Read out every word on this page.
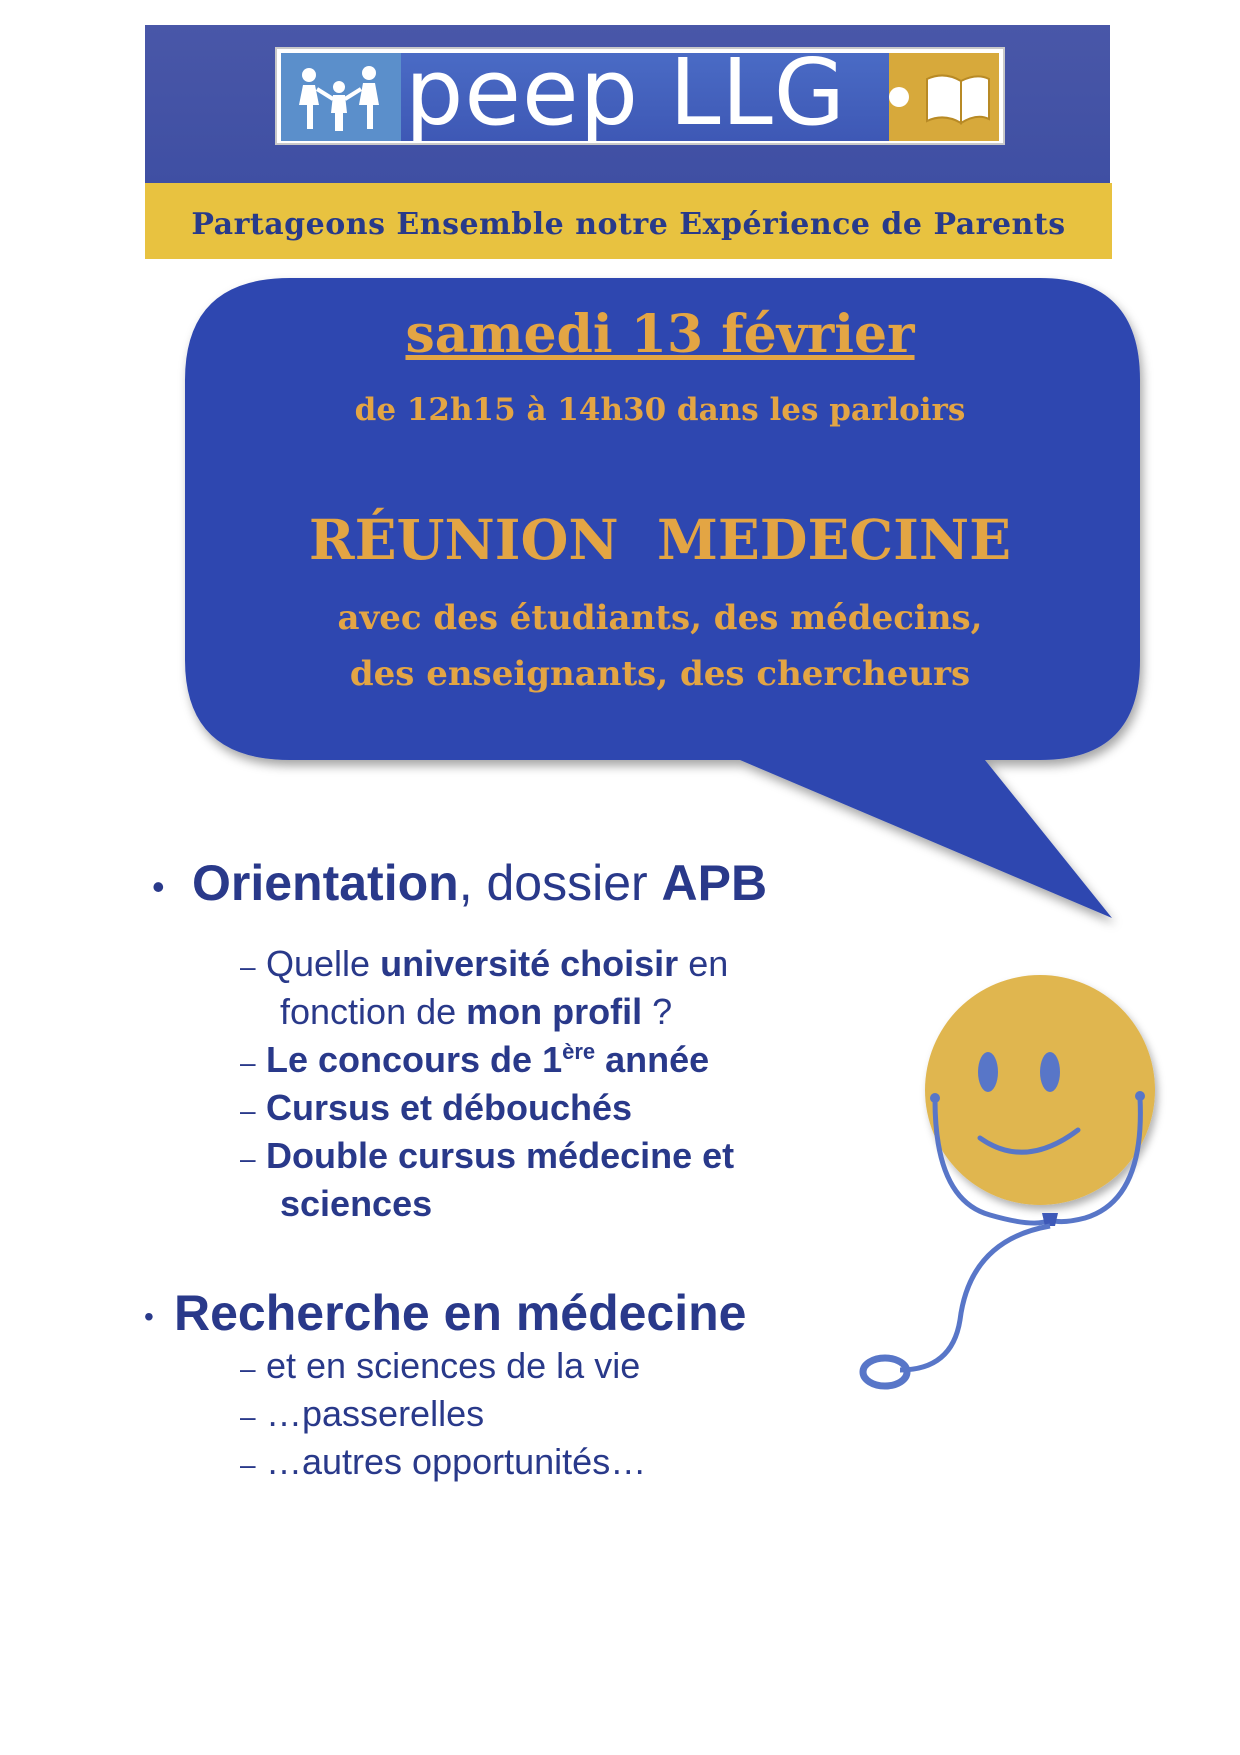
peep LLG
Partageons Ensemble notre Expérience de Parents
samedi 13 février
de 12h15 à 14h30 dans les parloirs
RÉUNION  MEDECINE
avec des étudiants, des médecins,
des enseignants, des chercheurs
• Orientation, dossier APB
– Quelle université choisir en
fonction de mon profil ?
– Le concours de 1ère année
– Cursus et débouchés
– Double cursus médecine et
sciences
• Recherche en médecine
– et en sciences de la vie
– …passerelles
– …autres opportunités…
